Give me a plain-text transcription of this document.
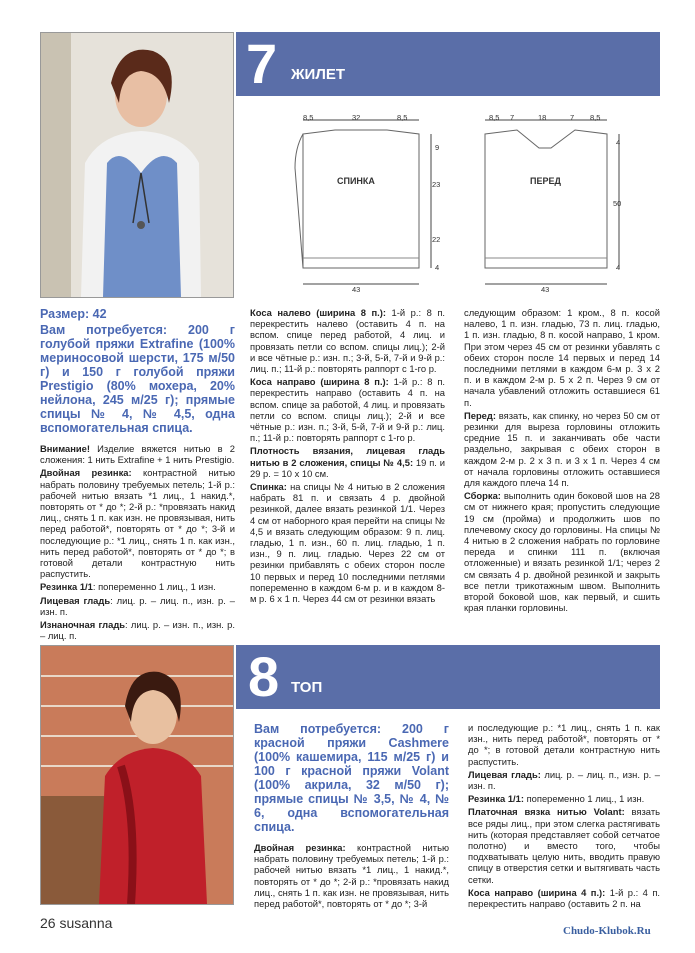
7 ЖИЛЕТ
СПИНКА	ПЕРЕД
8,5	32	8,5
9
23
22
4
43
8,5 7	18	7 8,5
4
50
4
43

Размер: 42

Вам потребуется: 200 г голубой пряжи Extrafine (100% мериносовой шерсти, 175 м/50 г) и 150 г голубой пряжи Prestigio (80% мохера, 20% нейлона, 245 м/25 г); прямые спицы № 4, № 4,5, одна вспомогательная спица.

Внимание! Изделие вяжется нитью в 2 сложения: 1 нить Extrafine + 1 нить Prestigio.

Двойная резинка: контрастной нитью набрать половину требуемых петель; 1-й р.: рабочей нитью вязать *1 лиц., 1 накид.*, повторять от * до *; 2-й р.: *провязать накид лиц., снять 1 п. как изн. не провязывая, нить перед работой*, повторять от * до *; 3-й и последующие р.: *1 лиц., снять 1 п. как изн., нить перед работой*, повторять от * до *; в готовой детали контрастную нить распустить.

Резинка 1/1: попеременно 1 лиц., 1 изн.

Лицевая гладь: лиц. р. – лиц. п., изн. р. – изн. п.

Изнаночная гладь: лиц. р. – изн. п., изн. р. – лиц. п.

Коса налево (ширина 8 п.): 1-й р.: 8 п. перекрестить налево (оставить 4 п. на вспом. спице перед работой, 4 лиц. и провязать петли со вспом. спицы лиц.); 2-й и все чётные р.: изн. п.; 3-й, 5-й, 7-й и 9-й р.: лиц. п.; 11-й р.: повторять раппорт с 1-го р.

Коса направо (ширина 8 п.): 1-й р.: 8 п. перекрестить направо (оставить 4 п. на вспом. спице за работой, 4 лиц. и провязать петли со вспом. спицы лиц.); 2-й и все чётные р.: изн. п.; 3-й, 5-й, 7-й и 9-й р.: лиц. п.; 11-й р.: повторять раппорт с 1-го р.

Плотность вязания, лицевая гладь нитью в 2 сложения, спицы № 4,5: 19 п. и 29 р. = 10 х 10 см.

Спинка: на спицы № 4 нитью в 2 сложения набрать 81 п. и связать 4 р. двойной резинкой, далее вязать резинкой 1/1. Через 4 см от наборного края перейти на спицы № 4,5 и вязать следующим образом: 9 п. лиц. гладью, 1 п. изн., 60 п. лиц. гладью, 1 п. изн., 9 п. лиц. гладью. Через 22 см от резинки прибавлять с обеих сторон после 10 первых и перед 10 последними петлями попеременно в каждом 6-м р. и в каждом 8-м р. 6 х 1 п. Через 44 см от резинки вязать

следующим образом: 1 кром., 8 п. косой налево, 1 п. изн. гладью, 73 п. лиц. гладью, 1 п. изн. гладью, 8 п. косой направо, 1 кром. При этом через 45 см от резинки убавлять с обеих сторон после 14 первых и перед 14 последними петлями в каждом 6-м р. 3 х 2 п. и в каждом 2-м р. 5 х 2 п. Через 9 см от начала убавлений отложить оставшиеся 61 п.

Перед: вязать, как спинку, но через 50 см от резинки для выреза горловины отложить средние 15 п. и заканчивать обе части раздельно, закрывая с обеих сторон в каждом 2-м р. 2 х 3 п. и 3 х 1 п. Через 4 см от начала горловины отложить оставшиеся для каждого плеча 14 п.

Сборка: выполнить один боковой шов на 28 см от нижнего края; пропустить следующие 19 см (пройма) и продолжить шов по плечевому скосу до горловины. На спицы № 4 нитью в 2 сложения набрать по горловине переда и спинки 111 п. (включая отложенные) и вязать резинкой 1/1; через 2 см связать 4 р. двойной резинкой и закрыть все петли трикотажным швом. Выполнить второй боковой шов, как первый, и сшить края планки горловины.

8 ТОП

Вам потребуется: 200 г красной пряжи Cashmere (100% кашемира, 115 м/25 г) и 100 г красной пряжи Volant (100% акрила, 32 м/50 г); прямые спицы № 3,5, № 4, № 6, одна вспомогательная спица.

Двойная резинка: контрастной нитью набрать половину требуемых петель; 1-й р.: рабочей нитью вязать *1 лиц., 1 накид.*, повторять от * до *; 2-й р.: *провязать накид лиц., снять 1 п. как изн. не провязывая, нить перед работой*, повторять от * до *; 3-й

и последующие р.: *1 лиц., снять 1 п. как изн., нить перед работой*, повторять от * до *; в готовой детали контрастную нить распустить.

Лицевая гладь: лиц. р. – лиц. п., изн. р. – изн. п.

Резинка 1/1: попеременно 1 лиц., 1 изн.

Платочная вязка нитью Volant: вязать все ряды лиц., при этом слегка растягивать нить (которая представляет собой сетчатое полотно) и вместо того, чтобы подхватывать целую нить, вводить правую спицу в отверстия сетки и вытягивать часть сетки.

Коса направо (ширина 4 п.): 1-й р.: 4 п. перекрестить направо (оставить 2 п. на

26 susanna	Chudo-Klubok.Ru
